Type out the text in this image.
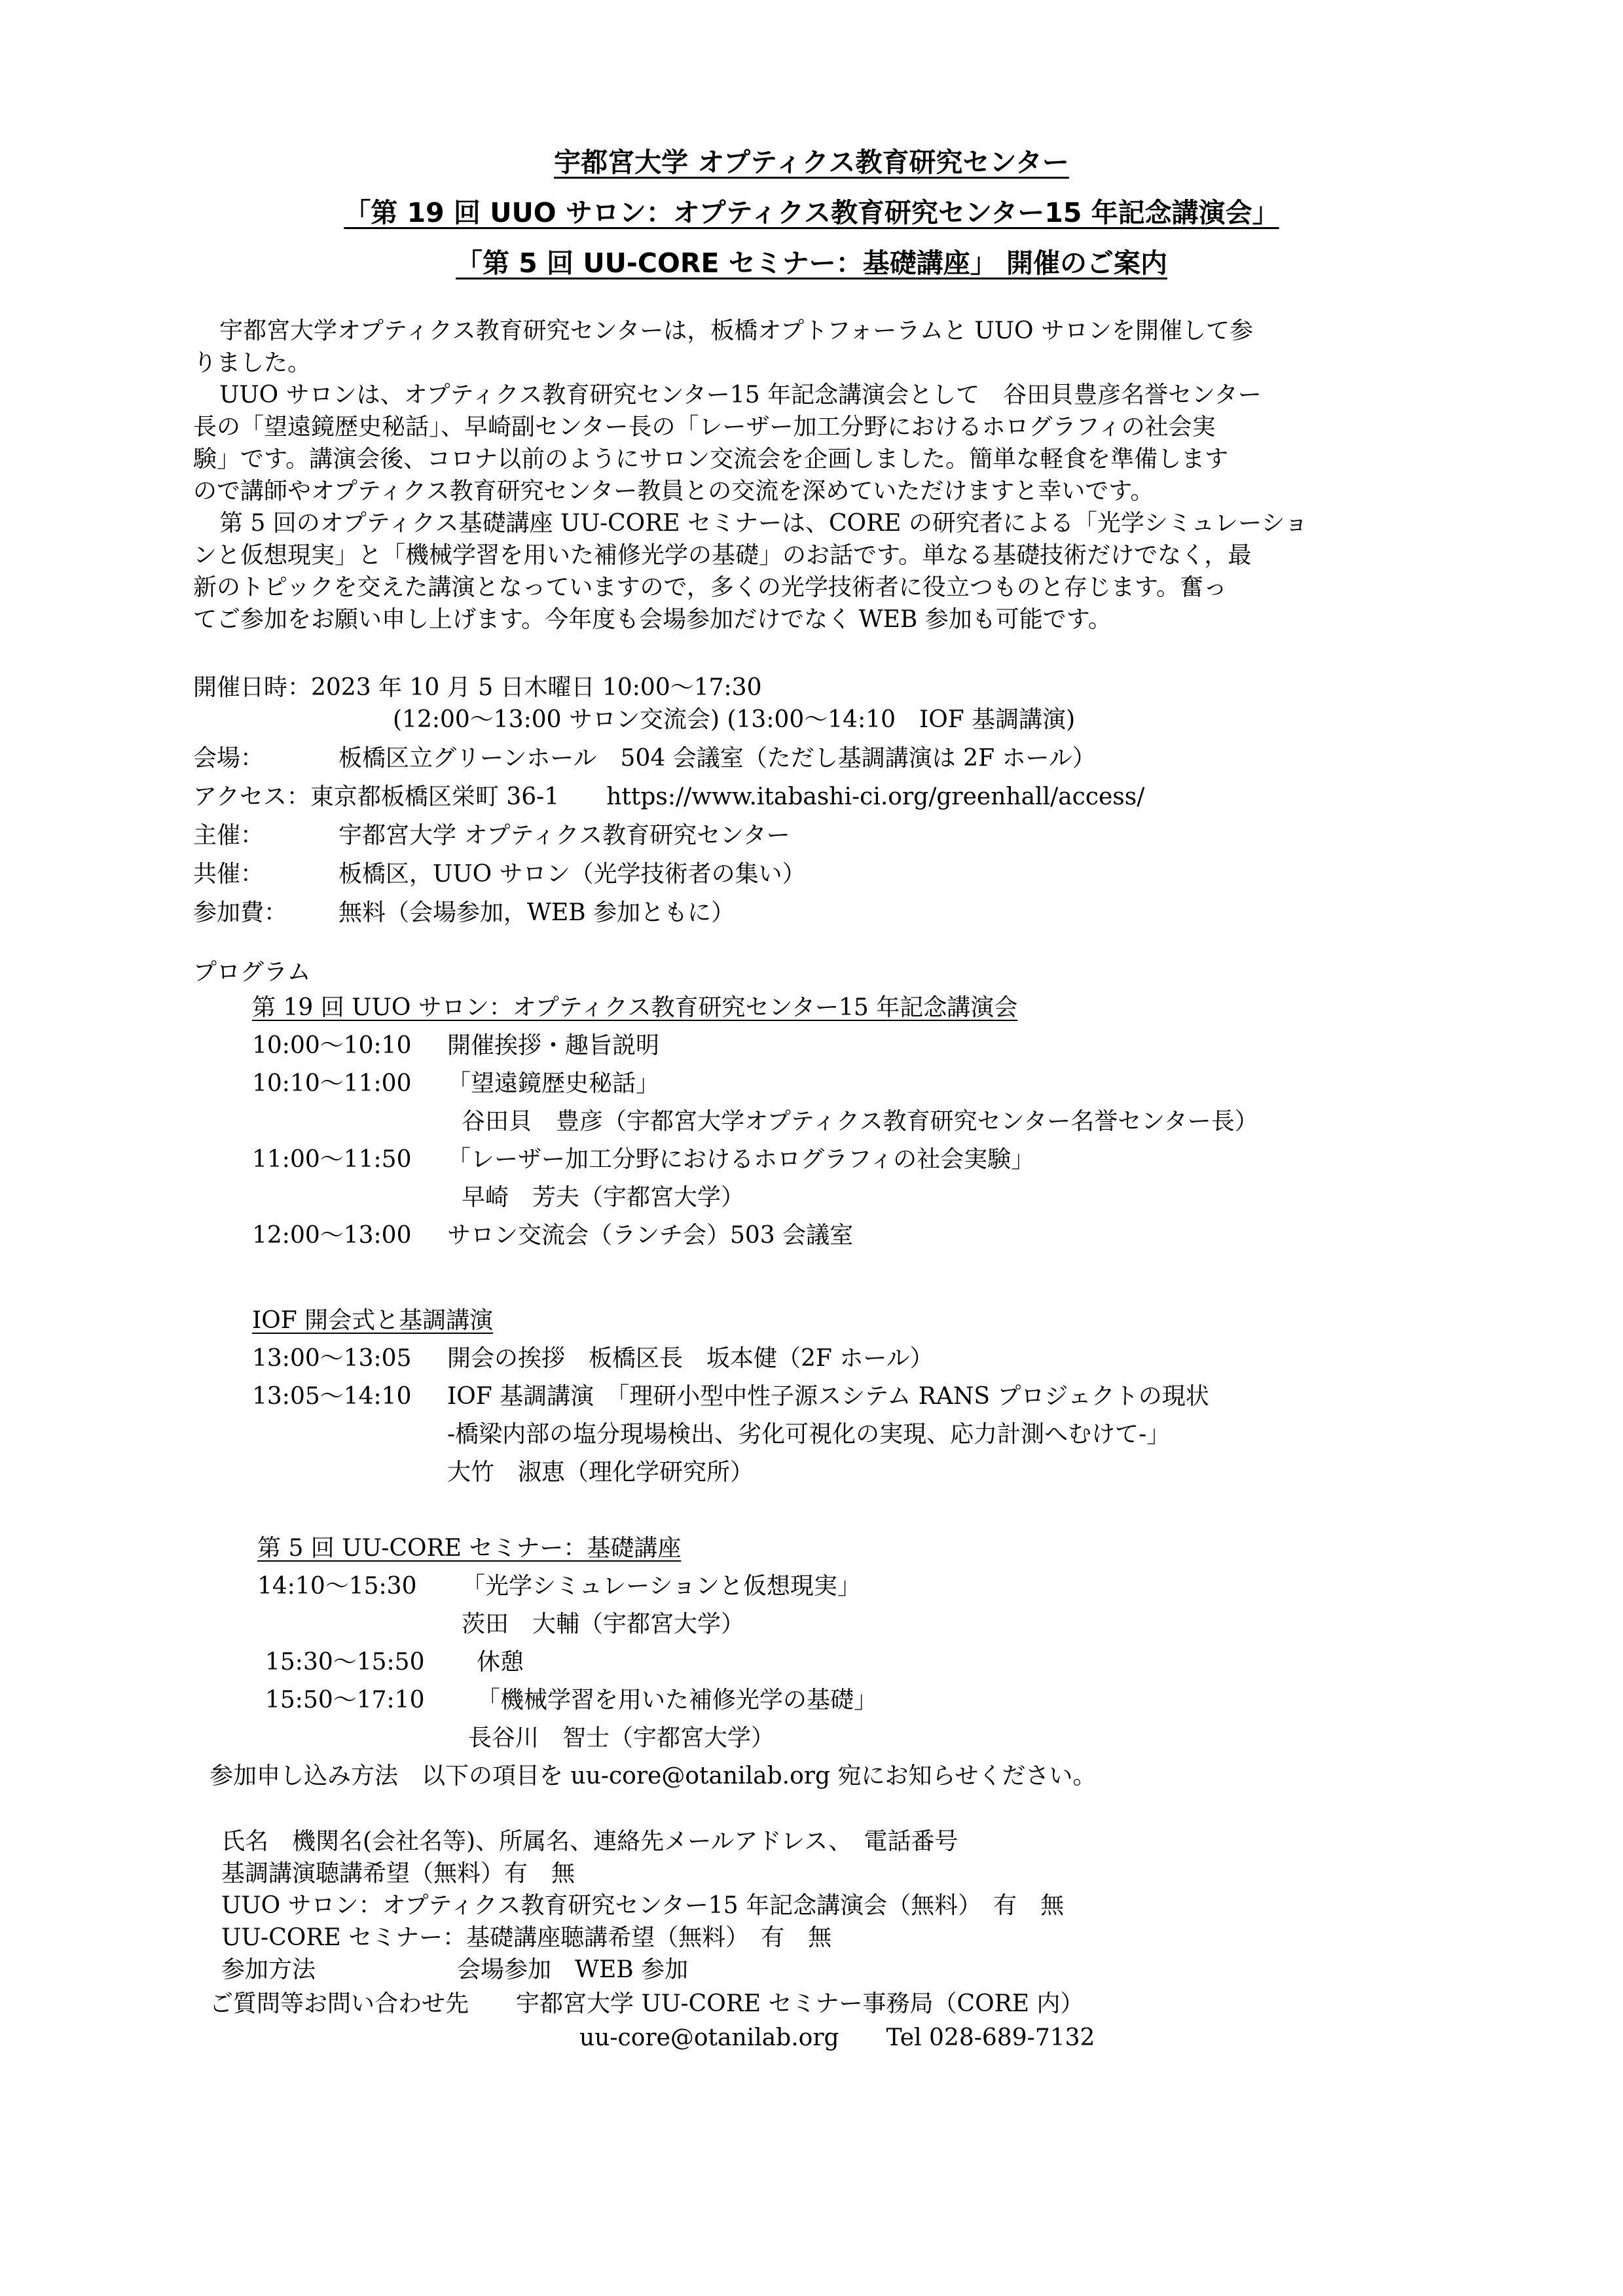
宇都宮大学 オプティクス教育研究センター
「第 19 回 UUO サロン：オプティクス教育研究センター15 年記念講演会」
「第 5 回 UU-CORE セミナー：基礎講座」 開催のご案内
宇都宮大学オプティクス教育研究センターは，板橋オプトフォーラムと UUO サロンを開催して参
りました。
UUO サロンは、オプティクス教育研究センター15 年記念講演会として　谷田貝豊彦名誉センター
長の「望遠鏡歴史秘話」、早崎副センター長の「レーザー加工分野におけるホログラフィの社会実
験」です。講演会後、コロナ以前のようにサロン交流会を企画しました。簡単な軽食を準備します
ので講師やオプティクス教育研究センター教員との交流を深めていただけますと幸いです。
第 5 回のオプティクス基礎講座 UU-CORE セミナーは、CORE の研究者による「光学シミュレーショ
ンと仮想現実」と「機械学習を用いた補修光学の基礎」のお話です。単なる基礎技術だけでなく，最
新のトピックを交えた講演となっていますので，多くの光学技術者に役立つものと存じます。奮っ
てご参加をお願い申し上げます。今年度も会場参加だけでなく WEB 参加も可能です。
開催日時：2023 年 10 月 5 日木曜日 10:00～17:30
(12:00～13:00 サロン交流会) (13:00～14:10　IOF 基調講演)
会場：	板橋区立グリーンホール　504 会議室（ただし基調講演は 2F ホール）
アクセス：東京都板橋区栄町 36-1　　https://www.itabashi-ci.org/greenhall/access/
主催：	宇都宮大学 オプティクス教育研究センター
共催：	板橋区，UUO サロン（光学技術者の集い）
参加費： 無料（会場参加，WEB 参加ともに）
プログラム
第 19 回 UUO サロン：オプティクス教育研究センター15 年記念講演会
10:00～10:10 開催挨拶・趣旨説明
10:10～11:00 「望遠鏡歴史秘話」
谷田貝　豊彦（宇都宮大学オプティクス教育研究センター名誉センター長）
11:00～11:50 「レーザー加工分野におけるホログラフィの社会実験」
早崎　芳夫（宇都宮大学）
12:00～13:00 サロン交流会（ランチ会）503 会議室
IOF 開会式と基調講演
13:00～13:05 開会の挨拶　板橋区長　坂本健（2F ホール）
13:05～14:10 IOF 基調講演　「理研小型中性子源スシテム RANS プロジェクトの現状
-橋梁内部の塩分現場検出、劣化可視化の実現、応力計測へむけて-」
大竹　淑恵（理化学研究所）
第 5 回 UU-CORE セミナー：基礎講座
14:10～15:30 「光学シミュレーションと仮想現実」
茨田　大輔（宇都宮大学）
15:30～15:50 休憩
15:50～17:10 「機械学習を用いた補修光学の基礎」
長谷川　智士（宇都宮大学）
参加申し込み方法　以下の項目を uu-core@otanilab.org 宛にお知らせください。
氏名　機関名(会社名等)、所属名、連絡先メールアドレス、　電話番号
基調講演聴講希望（無料）有　無
UUO サロン：オプティクス教育研究センター15 年記念講演会（無料）　有　無
UU-CORE セミナー：基礎講座聴講希望（無料）　有　無
参加方法　　　　　　会場参加　WEB 参加
ご質問等お問い合わせ先　　宇都宮大学 UU-CORE セミナー事務局（CORE 内）
uu-core@otanilab.org　　Tel 028-689-7132
